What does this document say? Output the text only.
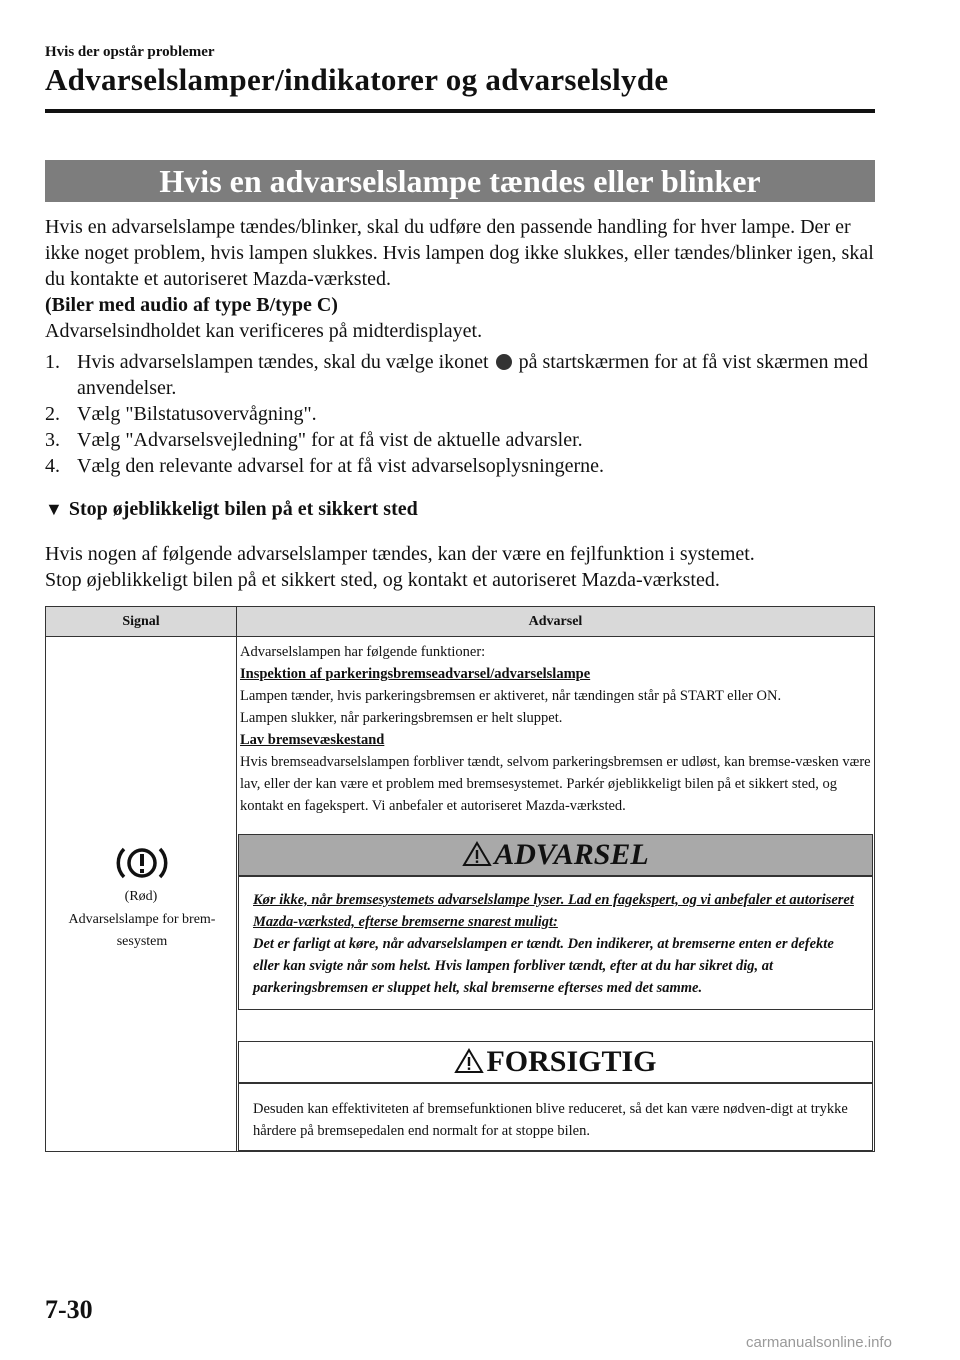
Hvis der opstår problemer
Advarselslamper/indikatorer og advarselslyde
Hvis en advarselslampe tændes eller blinker

Hvis en advarselslampe tændes/blinker, skal du udføre den passende handling for hver lampe. Der er ikke noget problem, hvis lampen slukkes. Hvis lampen dog ikke slukkes, eller tændes/blinker igen, skal du kontakte et autoriseret Mazda-værksted.

(Biler med audio af type B/type C)

Advarselsindholdet kan verificeres på midterdisplayet.

1. Hvis advarselslampen tændes, skal du vælge ikonet på startskærmen for at få vist skærmen med anvendelser.
2. Vælg "Bilstatusovervågning".
3. Vælg "Advarselsvejledning" for at få vist de aktuelle advarsler.
4. Vælg den relevante advarsel for at få vist advarselsoplysningerne.
▼ Stop øjeblikkeligt bilen på et sikkert sted

Hvis nogen af følgende advarselslamper tændes, kan der være en fejlfunktion i systemet.

Stop øjeblikkeligt bilen på et sikkert sted, og kontakt et autoriseret Mazda-værksted.

Signal	Advarsel
(Rød)
Advarselslampe for brem-sesystem

Advarselslampen har følgende funktioner:

Inspektion af parkeringsbremseadvarsel/advarselslampe

Lampen tænder, hvis parkeringsbremsen er aktiveret, når tændingen står på START eller ON.

Lampen slukker, når parkeringsbremsen er helt sluppet.

Lav bremsevæskestand

Hvis bremseadvarselslampen forbliver tændt, selvom parkeringsbremsen er udløst, kan bremse-væsken være lav, eller der kan være et problem med bremsesystemet. Parkér øjeblikkeligt bilen på et sikkert sted, og kontakt en fagekspert. Vi anbefaler et autoriseret Mazda-værksted.

ADVARSEL

Kør ikke, når bremsesystemets advarselslampe lyser. Lad en fagekspert, og vi anbefaler et autoriseret Mazda-værksted, efterse bremserne snarest muligt:

Det er farligt at køre, når advarselslampen er tændt. Den indikerer, at bremserne enten er defekte eller kan svigte når som helst. Hvis lampen forbliver tændt, efter at du har sikret dig, at parkeringsbremsen er sluppet helt, skal bremserne efterses med det samme.

FORSIGTIG
Desuden kan effektiviteten af bremsefunktionen blive reduceret, så det kan være nødven-digt at trykke hårdere på bremsepedalen end normalt for at stoppe bilen.
7-30
carmanualsonline.info
